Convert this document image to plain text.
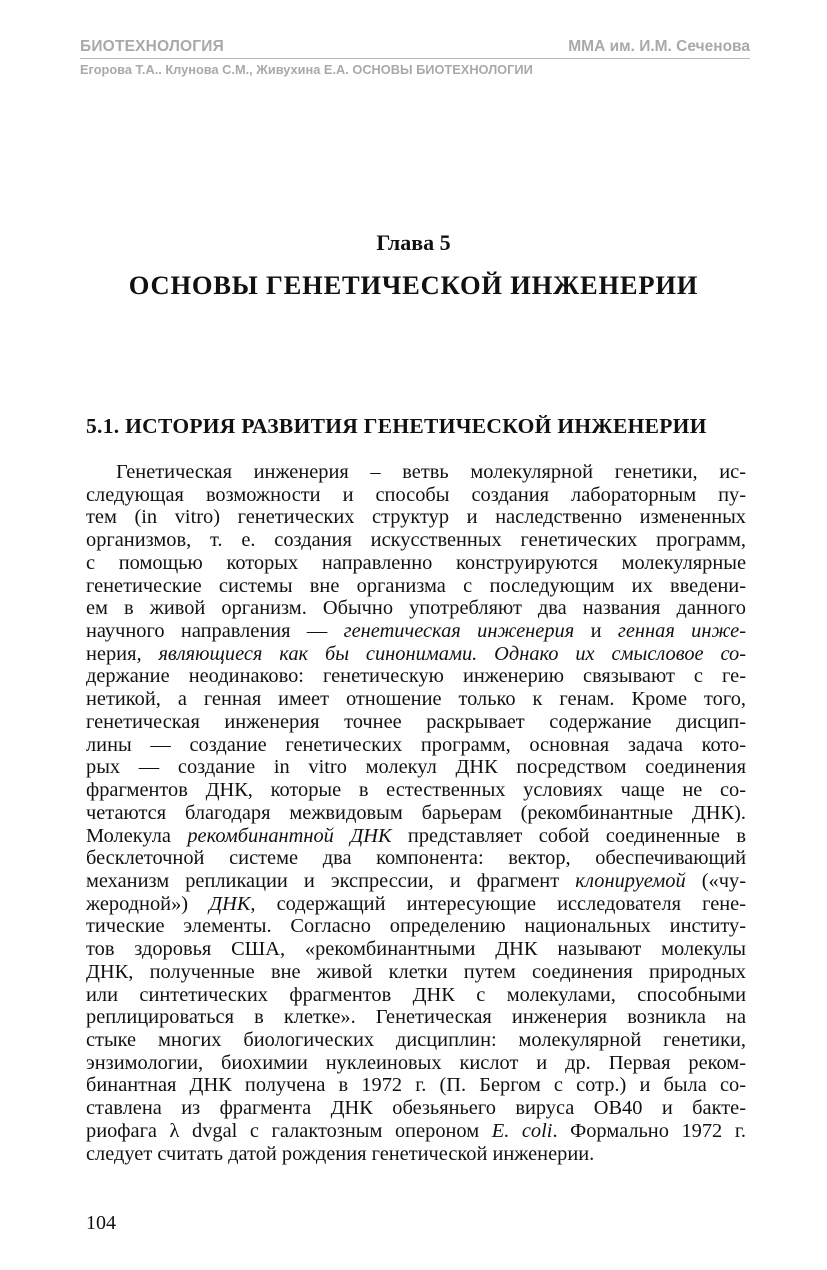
БИОТЕХНОЛОГИЯ	ММА им. И.М. Сеченова
Егорова Т.А.. Клунова С.М., Живухина Е.А. ОСНОВЫ БИОТЕХНОЛОГИИ
Глава 5
ОСНОВЫ ГЕНЕТИЧЕСКОЙ ИНЖЕНЕРИИ
5.1. ИСТОРИЯ РАЗВИТИЯ ГЕНЕТИЧЕСКОЙ ИНЖЕНЕРИИ
Генетическая инженерия – ветвь молекулярной генетики, ис-
следующая возможности и способы создания лабораторным пу-
тем (in vitro) генетических структур и наследственно измененных
организмов, т. е. создания искусственных генетических программ,
с помощью которых направленно конструируются молекулярные
генетические системы вне организма с последующим их введени-
ем в живой организм. Обычно употребляют два названия данного
научного направления — генетическая инженерия и генная инже-
нерия, являющиеся как бы синонимами. Однако их смысловое со-
держание неодинаково: генетическую инженерию связывают с ге-
нетикой, а генная имеет отношение только к генам. Кроме того,
генетическая инженерия точнее раскрывает содержание дисцип-
лины — создание генетических программ, основная задача кото-
рых — создание in vitro молекул ДНК посредством соединения
фрагментов ДНК, которые в естественных условиях чаще не со-
четаются благодаря межвидовым барьерам (рекомбинантные ДНК).
Молекула рекомбинантной ДНК представляет собой соединенные в
бесклеточной системе два компонента: вектор, обеспечивающий
механизм репликации и экспрессии, и фрагмент клонируемой («чу-
жеродной») ДНК, содержащий интересующие исследователя гене-
тические элементы. Согласно определению национальных институ-
тов здоровья США, «рекомбинантными ДНК называют молекулы
ДНК, полученные вне живой клетки путем соединения природных
или синтетических фрагментов ДНК с молекулами, способными
реплицироваться в клетке». Генетическая инженерия возникла на
стыке многих биологических дисциплин: молекулярной генетики,
энзимологии, биохимии нуклеиновых кислот и др. Первая реком-
бинантная ДНК получена в 1972 г. (П. Бергом с сотр.) и была со-
ставлена из фрагмента ДНК обезьяньего вируса ОВ40 и бакте-
риофага λ dvgal с галактозным опероном E. coli. Формально 1972 г.
следует считать датой рождения генетической инженерии.
104
